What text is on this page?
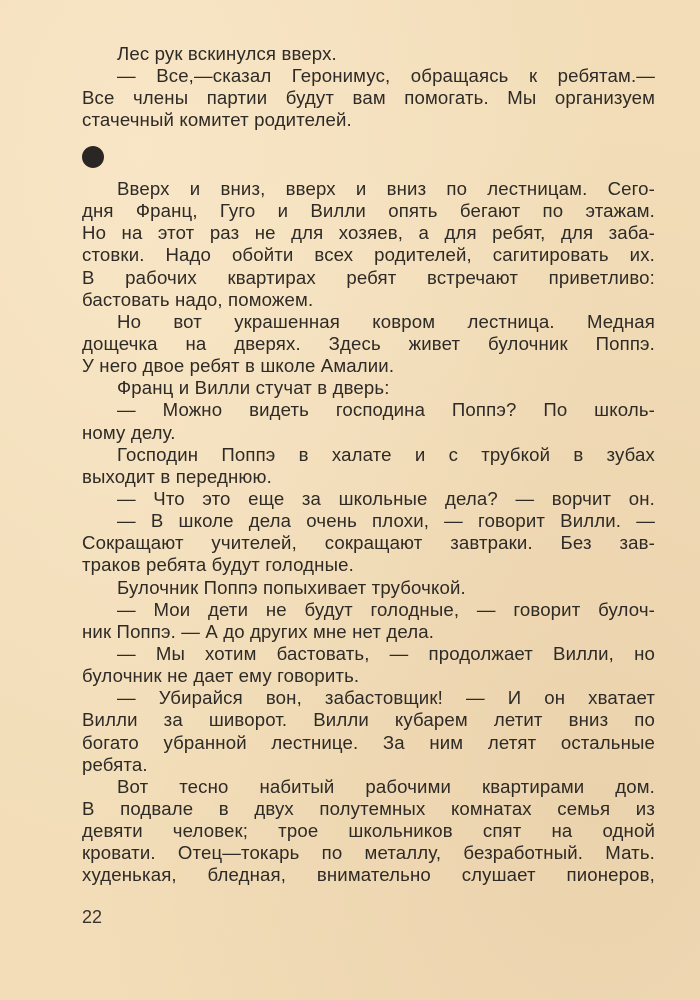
Лес рук вскинулся вверх.
— Все,—сказал Геронимус, обращаясь к ребятам.—
Все члены партии будут вам помогать. Мы организуем
стачечный комитет родителей.
Вверх и вниз, вверх и вниз по лестницам. Сего-
дня Франц, Гуго и Вилли опять бегают по этажам.
Но на этот раз не для хозяев, а для ребят, для заба-
стовки. Надо обойти всех родителей, сагитировать их.
В рабочих квартирах ребят встречают приветливо:
бастовать надо, поможем.
Но вот украшенная ковром лестница. Медная
дощечка на дверях. Здесь живет булочник Поппэ.
У него двое ребят в школе Амалии.
Франц и Вилли стучат в дверь:
— Можно видеть господина Поппэ? По школь-
ному делу.
Господин Поппэ в халате и с трубкой в зубах
выходит в переднюю.
— Что это еще за школьные дела? — ворчит он.
— В школе дела очень плохи, — говорит Вилли. —
Сокращают учителей, сокращают завтраки. Без зав-
траков ребята будут голодные.
Булочник Поппэ попыхивает трубочкой.
— Мои дети не будут голодные, — говорит булоч-
ник Поппэ. — А до других мне нет дела.
— Мы хотим бастовать, — продолжает Вилли, но
булочник не дает ему говорить.
— Убирайся вон, забастовщик! — И он хватает
Вилли за шиворот. Вилли кубарем летит вниз по
богато убранной лестнице. За ним летят остальные
ребята.
Вот тесно набитый рабочими квартирами дом.
В подвале в двух полутемных комнатах семья из
девяти человек; трое школьников спят на одной
кровати. Отец—токарь по металлу, безработный. Мать.
худенькая, бледная, внимательно слушает пионеров,
22
